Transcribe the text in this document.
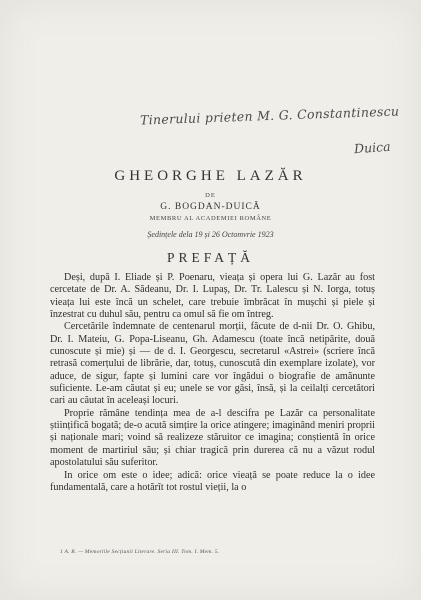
Tinerului prieten M. G. Constantinescu
Duica
GHEORGHE LAZĂR
DE
G. BOGDAN-DUICĂ
MEMBRU AL ACADEMIEI ROMÂNE
Ședințele dela 19 și 26 Octomvrie 1923
PREFAȚĂ

Deși, după I. Eliade și P. Poenaru, vieața și opera lui G. Lazăr au fost cercetate de Dr. A. Sădeanu, Dr. I. Lupaș, Dr. Tr. Lalescu și N. Iorga, totuș vieața lui este încă un schelet, care trebuie îmbrăcat în mușchi și piele și înzestrat cu duhul său, pentru ca omul să fie om întreg.

Cercetările îndemnate de centenarul morții, făcute de d-nii Dr. O. Ghibu, Dr. I. Mateiu, G. Popa-Liseanu, Gh. Adamescu (toate încă netipărite, două cunoscute și mie) și — de d. I. Georgescu, secretarul «Astrei» (scriere încă retrasă comerțului de librărie, dar, totuș, cunoscută din exemplare izolate), vor aduce, de sigur, fapte și lumini care vor îngădui o biografie de amănunte suficiente. Le-am căutat și eu; unele se vor găsi, însă, și la ceilalți cercetători cari au căutat în aceleași locuri.

Proprie rămâne tendința mea de a-l descifra pe Lazăr ca personalitate științifică bogată; de-o acută simțire la orice atingere; imaginând meniri proprii și naționale mari; voind să realizeze stăruitor ce imagina; conștientă în orice moment de martiriul său; și chiar tragică prin durerea că nu a văzut rodul apostolatului său suferitor.

In orice om este o idee; adică: orice vieață se poate reduce la o idee fundamentală, care a hotărît tot rostul vieții, la o

1 A. R. — Memoriile Secțiunii Literare. Seria III. Tom. I. Mem. 5.
